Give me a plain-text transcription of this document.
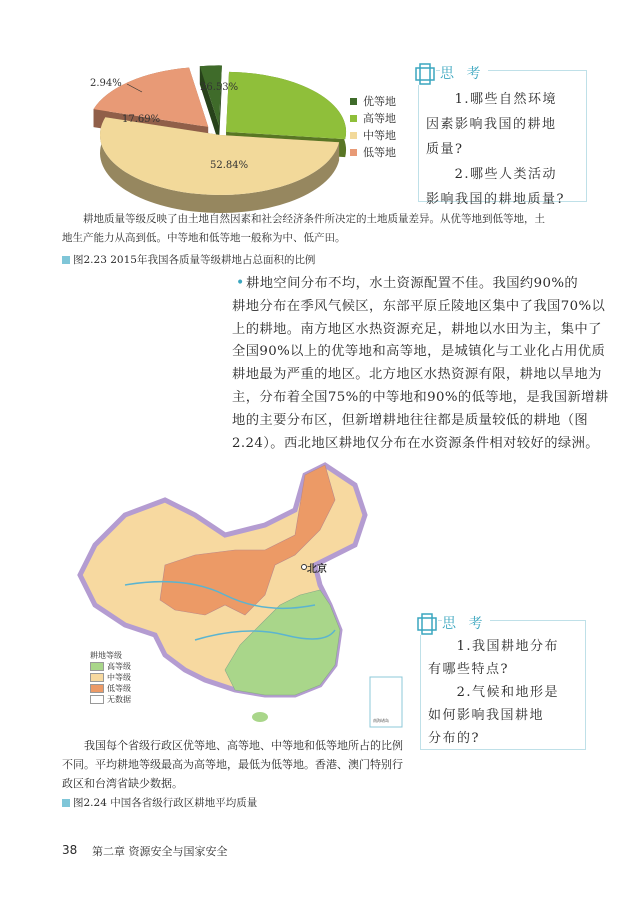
2.94%	26.53%
52.84%
17.69%
优等地
高等地
中等地
低等地
思 考
1.哪些自然环境
因素影响我国的耕地
质量?
2.哪些人类活动
影响我国的耕地质量?
图2.23 2015年我国各质量等级耕地占总面积的比例
•
北京
南海诸岛
耕地等级
高等级
中等级
低等级
无数据
思 考
1.我国耕地分布
有哪些特点?
2.气候和地形是
如何影响我国耕地
分布的?
图2.24 中国各省级行政区耕地平均质量
38 第二章 资源安全与国家安全
耕地质量等级反映了由土地自然因素和社会经济条件所决定的土地质量差异。从优等地到低等地，土
地生产能力从高到低。中等地和低等地一般称为中、低产田。
我国每个省级行政区优等地、高等地、中等地和低等地所占的比例
不同。平均耕地等级最高为高等地，最低为低等地。香港、澳门特别行
政区和台湾省缺少数据。
耕地空间分布不均，水土资源配置不佳。我国约90%的
耕地分布在季风气候区，东部平原丘陵地区集中了我国70%以
上的耕地。南方地区水热资源充足，耕地以水田为主，集中了
全国90%以上的优等地和高等地，是城镇化与工业化占用优质
耕地最为严重的地区。北方地区水热资源有限，耕地以旱地为
主，分布着全国75%的中等地和90%的低等地，是我国新增耕
地的主要分布区，但新增耕地往往都是质量较低的耕地（图
2.24）。西北地区耕地仅分布在水资源条件相对较好的绿洲。
